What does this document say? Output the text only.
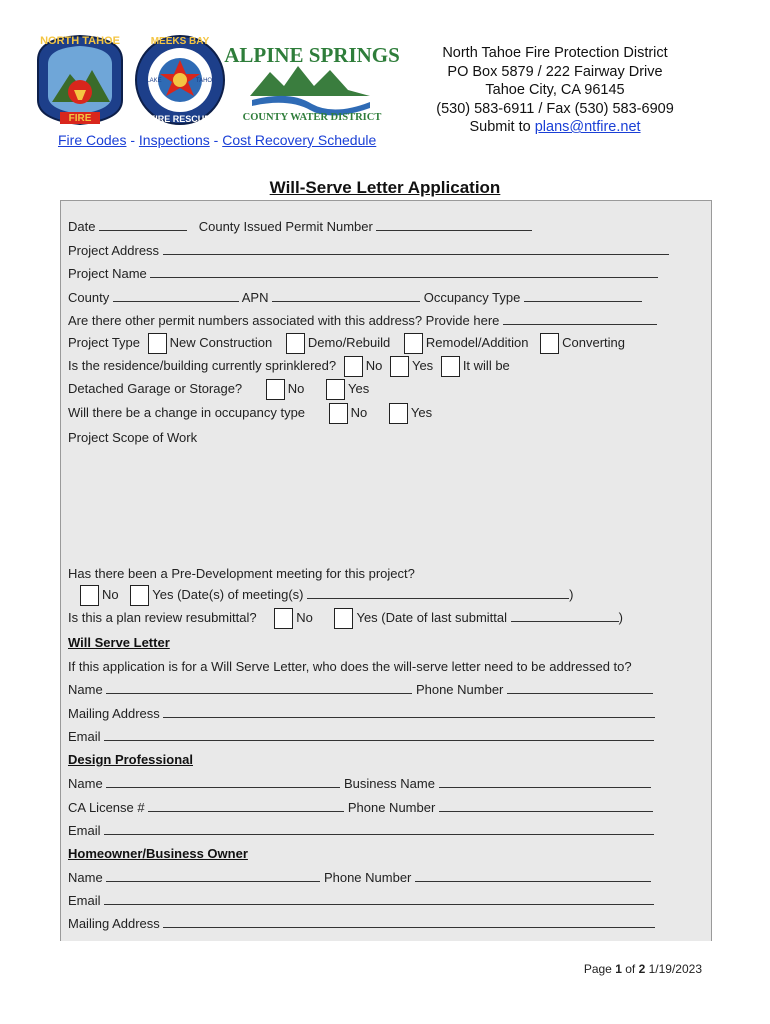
FIRE
NORTH TAHOE	MEEKS BAY
FIRE RESCUE
LAKE	TAHOE
ALPINE SPRINGS
COUNTY WATER DISTRICT
Fire Codes - Inspections - Cost Recovery Schedule
North Tahoe Fire Protection District
PO Box 5879 / 222 Fairway Drive
Tahoe City, CA 96145
(530) 583-6911 / Fax (530) 583-6909
Submit to plans@ntfire.net
Will-Serve Letter Application
Date	County Issued Permit Number
Project Address
Project Name
County	APN	Occupancy Type
Are there other permit numbers associated with this address? Provide here
Project Type New Construction	Demo/Rebuild	Remodel/Addition	Converting
Is the residence/building currently sprinklered? No Yes It will be
Detached Garage or Storage?	No	Yes
Will there be a change in occupancy type	No	Yes
Project Scope of Work
Has there been a Pre-Development meeting for this project?
No	Yes (Date(s) of meeting(s)	)
Is this a plan review resubmittal?	No	Yes (Date of last submittal	)
Will Serve Letter
If this application is for a Will Serve Letter, who does the will-serve letter need to be addressed to?
Name	Phone Number
Mailing Address
Email
Design Professional
Name	Business Name
CA License #	Phone Number
Email
Homeowner/Business Owner
Name	Phone Number
Email
Mailing Address
Page 1 of 2 1/19/2023
